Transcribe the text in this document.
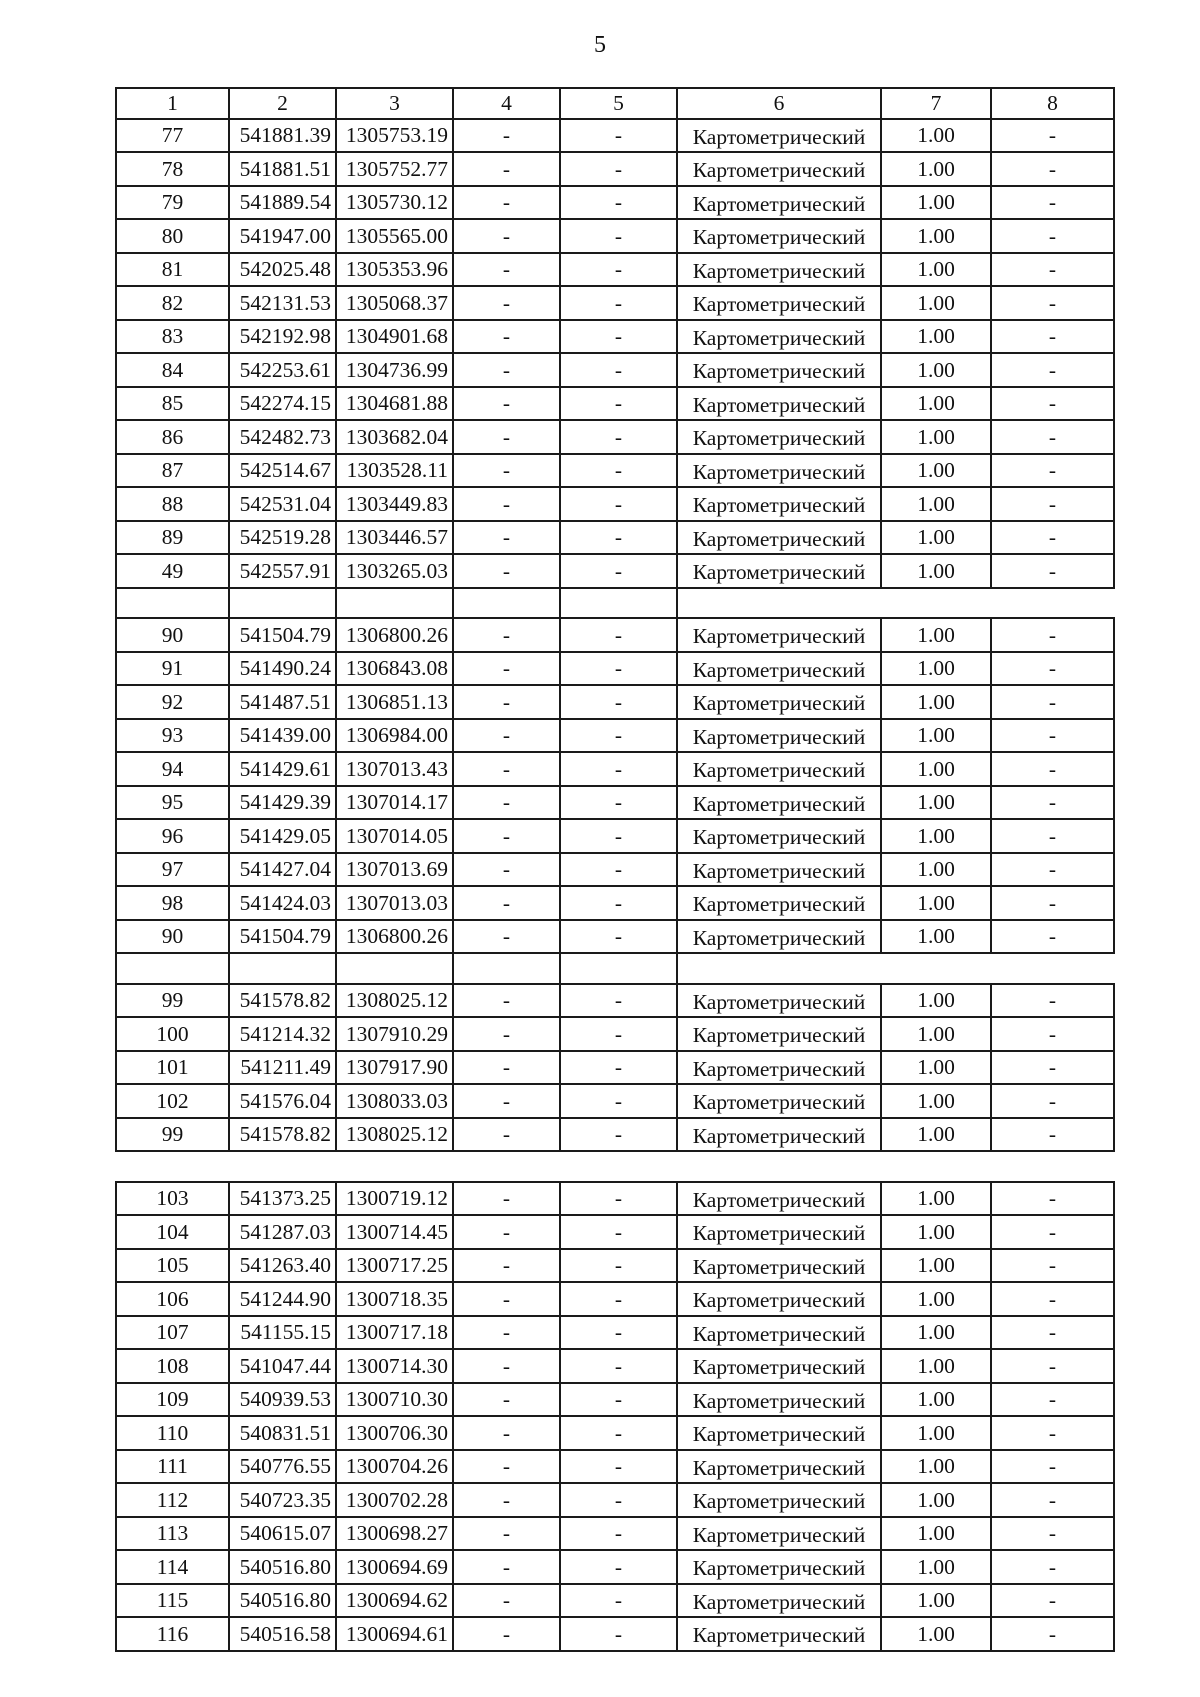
5
1	2	3	4	5	6	7	8
77	541881.39	1305753.19	-	-	Картометрический	1.00	-
78	541881.51	1305752.77	-	-	Картометрический	1.00	-
79	541889.54	1305730.12	-	-	Картометрический	1.00	-
80	541947.00	1305565.00	-	-	Картометрический	1.00	-
81	542025.48	1305353.96	-	-	Картометрический	1.00	-
82	542131.53	1305068.37	-	-	Картометрический	1.00	-
83	542192.98	1304901.68	-	-	Картометрический	1.00	-
84	542253.61	1304736.99	-	-	Картометрический	1.00	-
85	542274.15	1304681.88	-	-	Картометрический	1.00	-
86	542482.73	1303682.04	-	-	Картометрический	1.00	-
87	542514.67	1303528.11	-	-	Картометрический	1.00	-
88	542531.04	1303449.83	-	-	Картометрический	1.00	-
89	542519.28	1303446.57	-	-	Картометрический	1.00	-
49	542557.91	1303265.03	-	-	Картометрический	1.00	-

90	541504.79	1306800.26	-	-	Картометрический	1.00	-
91	541490.24	1306843.08	-	-	Картометрический	1.00	-
92	541487.51	1306851.13	-	-	Картометрический	1.00	-
93	541439.00	1306984.00	-	-	Картометрический	1.00	-
94	541429.61	1307013.43	-	-	Картометрический	1.00	-
95	541429.39	1307014.17	-	-	Картометрический	1.00	-
96	541429.05	1307014.05	-	-	Картометрический	1.00	-
97	541427.04	1307013.69	-	-	Картометрический	1.00	-
98	541424.03	1307013.03	-	-	Картометрический	1.00	-
90	541504.79	1306800.26	-	-	Картометрический	1.00	-

99	541578.82	1308025.12	-	-	Картометрический	1.00	-
100	541214.32	1307910.29	-	-	Картометрический	1.00	-
101	541211.49	1307917.90	-	-	Картометрический	1.00	-
102	541576.04	1308033.03	-	-	Картометрический	1.00	-
99	541578.82	1308025.12	-	-	Картометрический	1.00	-

103	541373.25	1300719.12	-	-	Картометрический	1.00	-
104	541287.03	1300714.45	-	-	Картометрический	1.00	-
105	541263.40	1300717.25	-	-	Картометрический	1.00	-
106	541244.90	1300718.35	-	-	Картометрический	1.00	-
107	541155.15	1300717.18	-	-	Картометрический	1.00	-
108	541047.44	1300714.30	-	-	Картометрический	1.00	-
109	540939.53	1300710.30	-	-	Картометрический	1.00	-
110	540831.51	1300706.30	-	-	Картометрический	1.00	-
111	540776.55	1300704.26	-	-	Картометрический	1.00	-
112	540723.35	1300702.28	-	-	Картометрический	1.00	-
113	540615.07	1300698.27	-	-	Картометрический	1.00	-
114	540516.80	1300694.69	-	-	Картометрический	1.00	-
115	540516.80	1300694.62	-	-	Картометрический	1.00	-
116	540516.58	1300694.61	-	-	Картометрический	1.00	-
